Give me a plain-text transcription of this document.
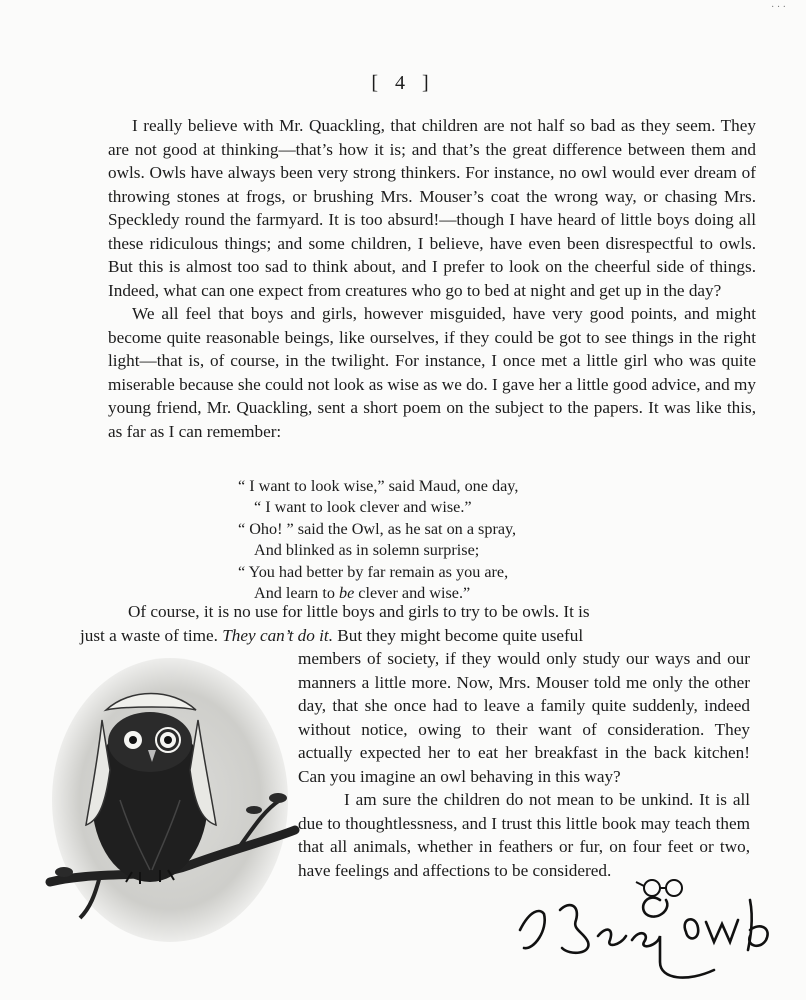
· · ·
[ 4 ]

I really believe with Mr. Quackling, that children are not half so bad as they seem. They are not good at thinking—that’s how it is; and that’s the great difference between them and owls. Owls have always been very strong thinkers. For instance, no owl would ever dream of throwing stones at frogs, or brushing Mrs. Mouser’s coat the wrong way, or chasing Mrs. Speckledy round the farmyard. It is too absurd!—though I have heard of little boys doing all these ridiculous things; and some children, I believe, have even been disrespectful to owls. But this is almost too sad to think about, and I prefer to look on the cheerful side of things. Indeed, what can one expect from creatures who go to bed at night and get up in the day?

We all feel that boys and girls, however misguided, have very good points, and might become quite reasonable beings, like ourselves, if they could be got to see things in the right light—that is, of course, in the twilight. For instance, I once met a little girl who was quite miserable because she could not look as wise as we do. I gave her a little good advice, and my young friend, Mr. Quackling, sent a short poem on the subject to the papers. It was like this, as far as I can remember:

“ I want to look wise,” said Maud, one day,
“ I want to look clever and wise.”
“ Oho! ” said the Owl, as he sat on a spray,
And blinked as in solemn surprise;
“ You had better by far remain as you are,
And learn to be clever and wise.”
Of course, it is no use for little boys and girls to try to be owls. It is
just a waste of time. They can’t do it. But they might become quite useful

members of society, if they would only study our ways and our manners a little more. Now, Mrs. Mouser told me only the other day, that she once had to leave a family quite suddenly, indeed without notice, owing to their want of consideration. They actually expected her to eat her breakfast in the back kitchen! Can you imagine an owl behaving in this way?

I am sure the children do not mean to be unkind. It is all due to thoughtlessness, and I trust this little book may teach them that all animals, whether in feathers or fur, on four feet or two, have feelings and affections to be considered.
